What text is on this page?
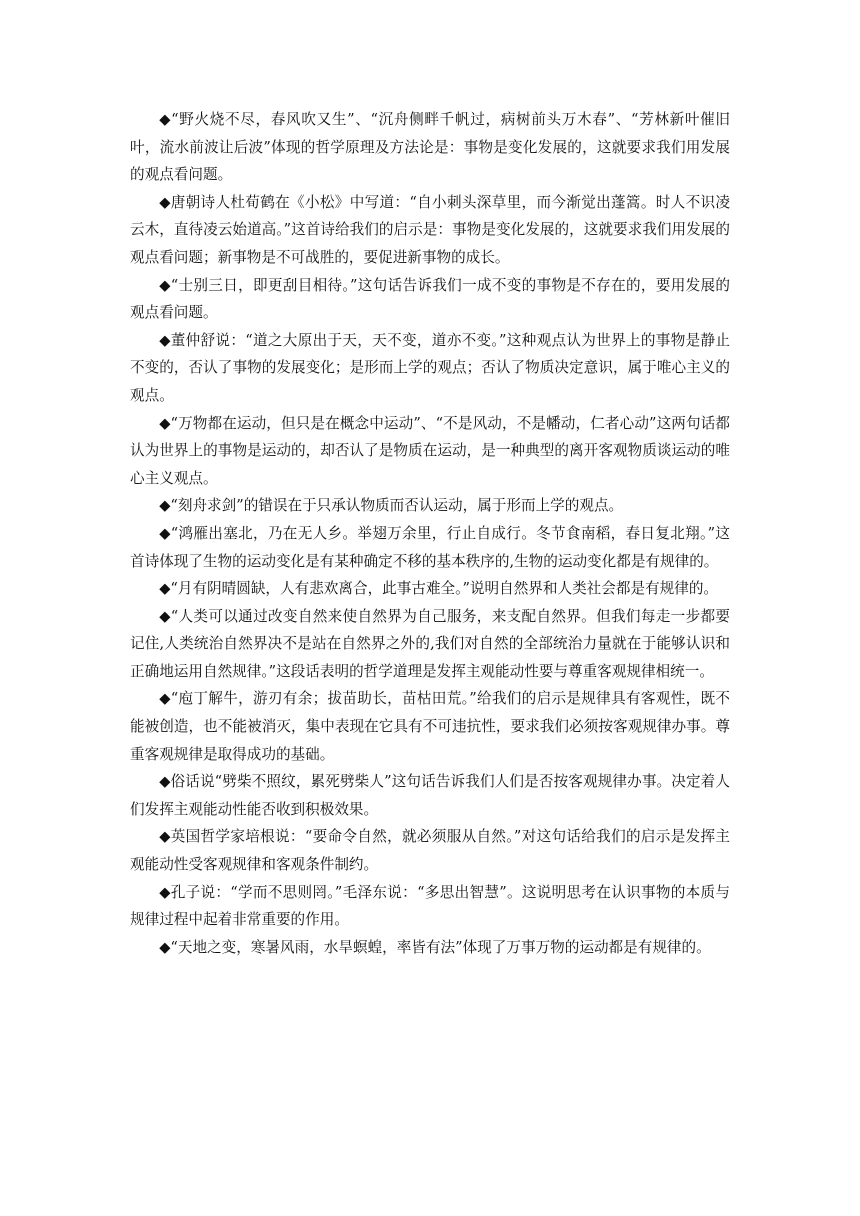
◆“野火烧不尽，春风吹又生”、“沉舟侧畔千帆过，病树前头万木春”、“芳林新叶催旧叶，流水前波让后波”体现的哲学原理及方法论是：事物是变化发展的，这就要求我们用发展的观点看问题。

◆唐朝诗人杜荀鹤在《小松》中写道：“自小刺头深草里，而今渐觉出蓬篙。时人不识凌云木，直待凌云始道高。”这首诗给我们的启示是：事物是变化发展的，这就要求我们用发展的观点看问题；新事物是不可战胜的，要促进新事物的成长。

◆“士别三日，即更刮目相待。”这句话告诉我们一成不变的事物是不存在的，要用发展的观点看问题。

◆董仲舒说：“道之大原出于天，天不变，道亦不变。”这种观点认为世界上的事物是静止不变的，否认了事物的发展变化；是形而上学的观点；否认了物质决定意识，属于唯心主义的观点。

◆“万物都在运动，但只是在概念中运动”、“不是风动，不是幡动，仁者心动”这两句话都认为世界上的事物是运动的，却否认了是物质在运动，是一种典型的离开客观物质谈运动的唯心主义观点。

◆“刻舟求剑”的错误在于只承认物质而否认运动，属于形而上学的观点。

◆“鸿雁出塞北，乃在无人乡。举翅万余里，行止自成行。冬节食南稻，春日复北翔。”这首诗体现了生物的运动变化是有某种确定不移的基本秩序的,生物的运动变化都是有规律的。

◆“月有阴晴圆缺，人有悲欢离合，此事古难全。”说明自然界和人类社会都是有规律的。

◆“人类可以通过改变自然来使自然界为自己服务，来支配自然界。但我们每走一步都要记住,人类统治自然界决不是站在自然界之外的,我们对自然的全部统治力量就在于能够认识和正确地运用自然规律。”这段话表明的哲学道理是发挥主观能动性要与尊重客观规律相统一。

◆“庖丁解牛，游刃有余；拔苗助长，苗枯田荒。”给我们的启示是规律具有客观性，既不能被创造，也不能被消灭，集中表现在它具有不可违抗性，要求我们必须按客观规律办事。尊重客观规律是取得成功的基础。

◆俗话说“劈柴不照纹，累死劈柴人”这句话告诉我们人们是否按客观规律办事。决定着人们发挥主观能动性能否收到积极效果。

◆英国哲学家培根说：“要命令自然，就必须服从自然。”对这句话给我们的启示是发挥主观能动性受客观规律和客观条件制约。

◆孔子说：“学而不思则罔。”毛泽东说：“多思出智慧”。这说明思考在认识事物的本质与规律过程中起着非常重要的作用。

◆“天地之变，寒暑风雨，水旱螟蝗，率皆有法”体现了万事万物的运动都是有规律的。
